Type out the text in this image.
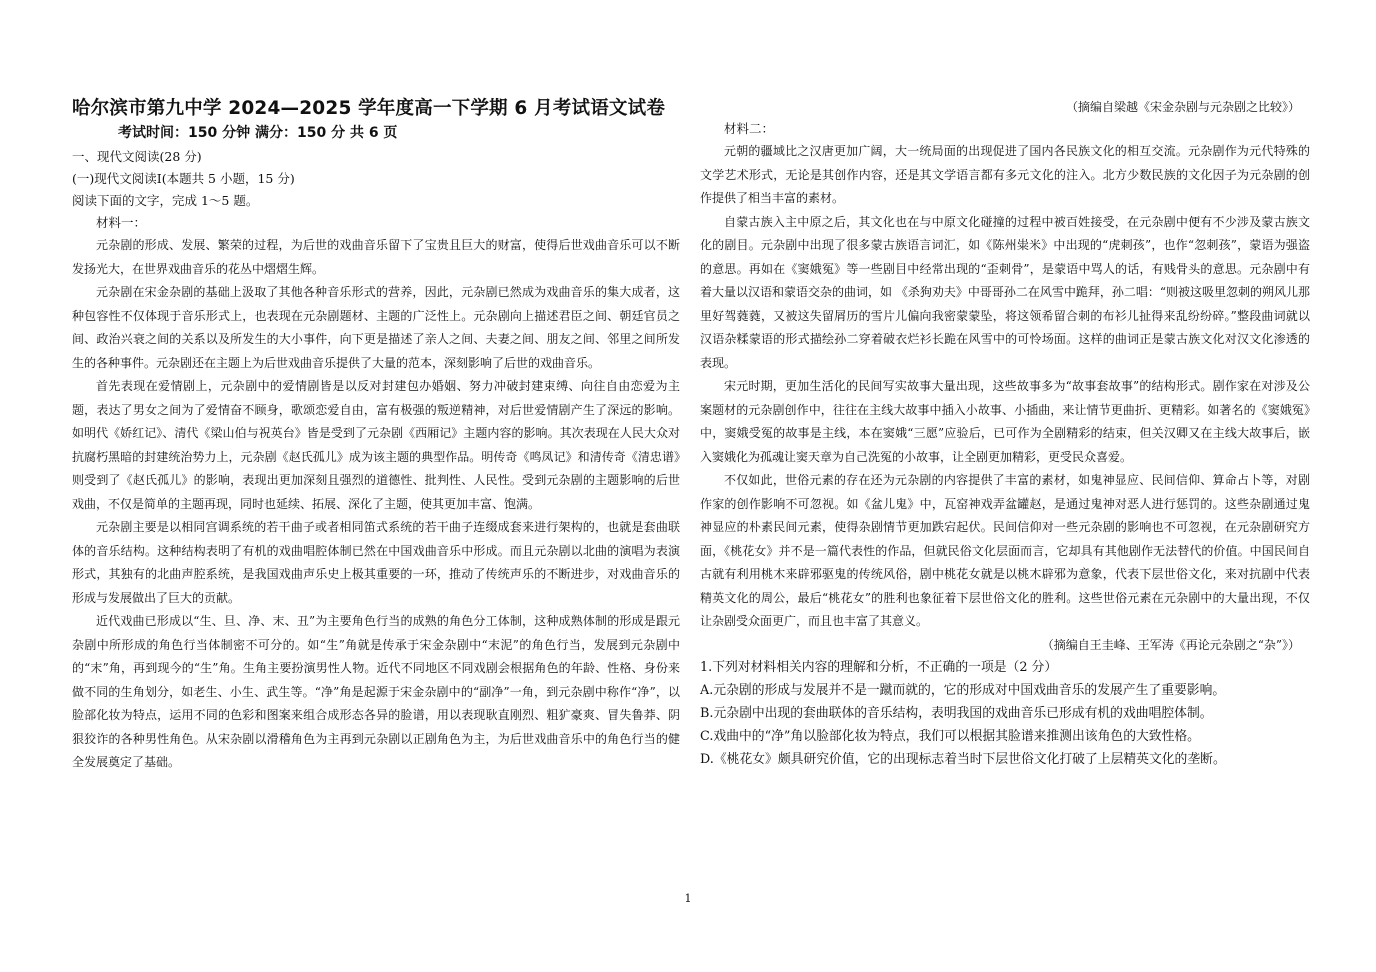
哈尔滨市第九中学 2024—2025 学年度高一下学期 6 月考试语文试卷
考试时间：150 分钟 满分：150 分 共 6 页
一、现代文阅读(28 分)
(一)现代文阅读Ⅰ(本题共 5 小题，15 分)
阅读下面的文字，完成 1～5 题。
材料一：
元杂剧的形成、发展、繁荣的过程，为后世的戏曲音乐留下了宝贵且巨大的财富，使得后世戏曲音乐可以不断发扬光大，在世界戏曲音乐的花丛中熠熠生辉。
元杂剧在宋金杂剧的基础上汲取了其他各种音乐形式的营养，因此，元杂剧已然成为戏曲音乐的集大成者，这种包容性不仅体现于音乐形式上，也表现在元杂剧题材、主题的广泛性上。元杂剧向上描述君臣之间、朝廷官员之间、政治兴衰之间的关系以及所发生的大小事件，向下更是描述了亲人之间、夫妻之间、朋友之间、邻里之间所发生的各种事件。元杂剧还在主题上为后世戏曲音乐提供了大量的范本，深刻影响了后世的戏曲音乐。
首先表现在爱情剧上，元杂剧中的爱情剧皆是以反对封建包办婚姻、努力冲破封建束缚、向往自由恋爱为主题，表达了男女之间为了爱情奋不顾身，歌颂恋爱自由，富有极强的叛逆精神，对后世爱情剧产生了深远的影响。如明代《娇红记》、清代《梁山伯与祝英台》皆是受到了元杂剧《西厢记》主题内容的影响。其次表现在人民大众对抗腐朽黑暗的封建统治势力上，元杂剧《赵氏孤儿》成为该主题的典型作品。明传奇《鸣凤记》和清传奇《清忠谱》则受到了《赵氏孤儿》的影响，表现出更加深刻且强烈的道德性、批判性、人民性。受到元杂剧的主题影响的后世戏曲，不仅是简单的主题再现，同时也延续、拓展、深化了主题，使其更加丰富、饱满。
元杂剧主要是以相同宫调系统的若干曲子或者相同笛式系统的若干曲子连缀成套来进行架构的，也就是套曲联体的音乐结构。这种结构表明了有机的戏曲唱腔体制已然在中国戏曲音乐中形成。而且元杂剧以北曲的演唱为表演形式，其独有的北曲声腔系统，是我国戏曲声乐史上极其重要的一环，推动了传统声乐的不断进步，对戏曲音乐的形成与发展做出了巨大的贡献。
近代戏曲已形成以“生、旦、净、末、丑”为主要角色行当的成熟的角色分工体制，这种成熟体制的形成是跟元杂剧中所形成的角色行当体制密不可分的。如“生”角就是传承于宋金杂剧中“末泥”的角色行当，发展到元杂剧中的“末”角，再到现今的“生”角。生角主要扮演男性人物。近代不同地区不同戏剧会根据角色的年龄、性格、身份来做不同的生角划分，如老生、小生、武生等。“净”角是起源于宋金杂剧中的“副净”一角，到元杂剧中称作“净”，以脸部化妆为特点，运用不同的色彩和图案来组合成形态各异的脸谱，用以表现耿直刚烈、粗犷豪爽、冒失鲁莽、阴狠狡诈的各种男性角色。从宋杂剧以滑稽角色为主再到元杂剧以正剧角色为主，为后世戏曲音乐中的角色行当的健全发展奠定了基础。
（摘编自梁越《宋金杂剧与元杂剧之比较》）
材料二：
元朝的疆域比之汉唐更加广阔，大一统局面的出现促进了国内各民族文化的相互交流。元杂剧作为元代特殊的文学艺术形式，无论是其创作内容，还是其文学语言都有多元文化的注入。北方少数民族的文化因子为元杂剧的创作提供了相当丰富的素材。
自蒙古族入主中原之后，其文化也在与中原文化碰撞的过程中被百姓接受，在元杂剧中便有不少涉及蒙古族文化的剧目。元杂剧中出现了很多蒙古族语言词汇，如《陈州粜米》中出现的“虎刺孩”，也作“忽刺孩”，蒙语为强盗的意思。再如在《窦娥冤》等一些剧目中经常出现的“歪刺骨”，是蒙语中骂人的话，有贱骨头的意思。元杂剧中有着大量以汉语和蒙语交杂的曲词，如 《杀狗劝夫》中哥哥孙二在风雪中跪拜，孙二唱：“则被这吸里忽刺的朔风儿那里好驾蕤蕤，又被这失留屑历的雪片儿偏向我密蒙蒙坠，将这领希留合刺的布衫儿扯得来乱纷纷碎。”整段曲词就以汉语杂糅蒙语的形式描绘孙二穿着破衣烂衫长跪在风雪中的可怜场面。这样的曲词正是蒙古族文化对汉文化渗透的表现。
宋元时期，更加生活化的民间写实故事大量出现，这些故事多为“故事套故事”的结构形式。剧作家在对涉及公案题材的元杂剧创作中，往往在主线大故事中插入小故事、小插曲，来让情节更曲折、更精彩。如著名的《窦娥冤》中，窦娥受冤的故事是主线，本在窦娥“三愿”应验后，已可作为全剧精彩的结束，但关汉卿又在主线大故事后，嵌入窦娥化为孤魂让窦天章为自己洗冤的小故事，让全剧更加精彩，更受民众喜爱。
不仅如此，世俗元素的存在还为元杂剧的内容提供了丰富的素材，如鬼神显应、民间信仰、算命占卜等，对剧作家的创作影响不可忽视。如《盆儿鬼》中，瓦窑神戏弄盆罐赵，是通过鬼神对恶人进行惩罚的。这些杂剧通过鬼神显应的朴素民间元素，使得杂剧情节更加跌宕起伏。民间信仰对一些元杂剧的影响也不可忽视，在元杂剧研究方面，《桃花女》并不是一篇代表性的作品，但就民俗文化层面而言，它却具有其他剧作无法替代的价值。中国民间自古就有利用桃木来辟邪驱鬼的传统风俗，剧中桃花女就是以桃木辟邪为意象，代表下层世俗文化，来对抗剧中代表精英文化的周公，最后“桃花女”的胜利也象征着下层世俗文化的胜利。这些世俗元素在元杂剧中的大量出现，不仅让杂剧受众面更广，而且也丰富了其意义。
（摘编自王圭峰、王军涛《再论元杂剧之“杂”》）
1.下列对材料相关内容的理解和分析，不正确的一项是（2 分）
A.元杂剧的形成与发展并不是一蹴而就的，它的形成对中国戏曲音乐的发展产生了重要影响。
B.元杂剧中出现的套曲联体的音乐结构，表明我国的戏曲音乐已形成有机的戏曲唱腔体制。
C.戏曲中的“净”角以脸部化妆为特点，我们可以根据其脸谱来推测出该角色的大致性格。
D.《桃花女》颇具研究价值，它的出现标志着当时下层世俗文化打破了上层精英文化的垄断。
1
